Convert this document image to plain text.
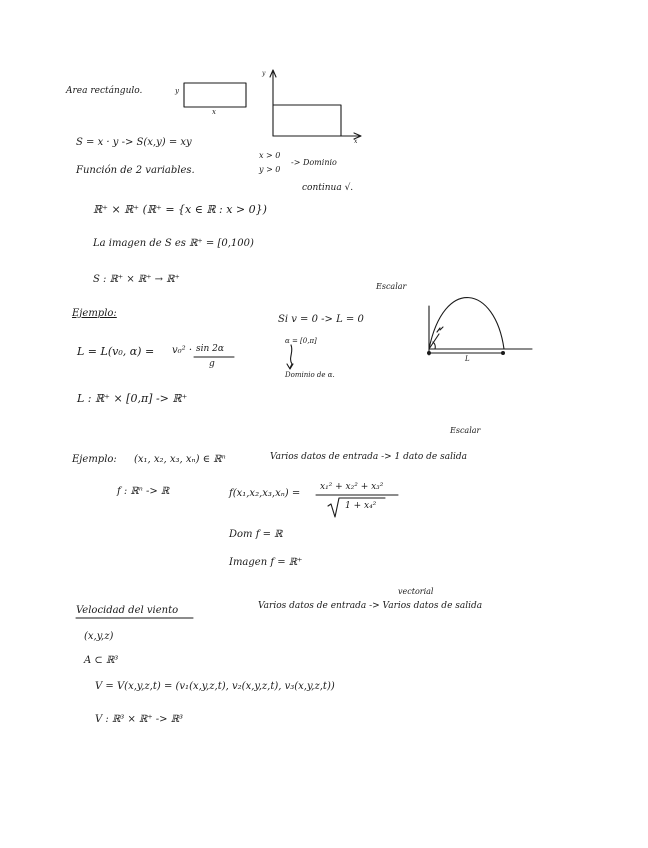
Area rectángulo.	y
x
y
x
S = x · y -> S(x,y) = xy
Función de 2 variables.
x > 0
y > 0
-> Dominio
continua √.
ℝ⁺ × ℝ⁺ (ℝ⁺ = {x ∈ ℝ : x > 0})
La imagen de S es ℝ⁺ = [0,100)
S : ℝ⁺ × ℝ⁺ → ℝ⁺
Escalar
Ejemplo:
Si v = 0 -> L = 0
α = [0,π]
Dominio de α.
L = L(v₀, α) = v₀² · sin 2α
g
L : ℝ⁺ × [0,π] -> ℝ⁺
L
Escalar
Ejemplo: (x₁, x₂, x₃, xₙ) ∈ ℝⁿ	Varios datos de entrada -> 1 dato de salida
f : ℝⁿ -> ℝ	f(x₁,x₂,x₃,xₙ) =
x₁² + x₂² + x₃²
1 + x₄²
Dom f = ℝ
Imagen f = ℝ⁺
vectorial
Velocidad del viento	Varios datos de entrada -> Varios datos de salida
(x,y,z)
A ⊂ ℝ³
V = V(x,y,z,t) = (v₁(x,y,z,t), v₂(x,y,z,t), v₃(x,y,z,t))
V : ℝ³ × ℝ⁺ -> ℝ³
